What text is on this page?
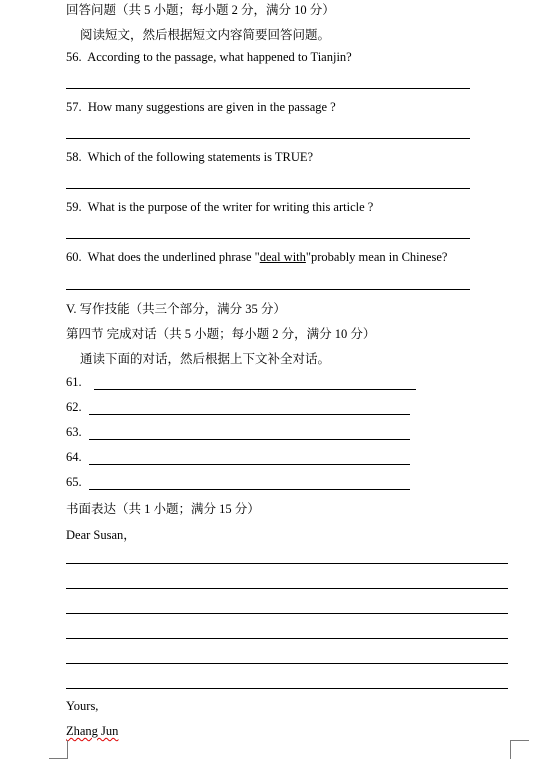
回答问题（共 5 小题；每小题 2 分，满分 10 分）
阅读短文，然后根据短文内容简要回答问题。
56. According to the passage, what happened to Tianjin?
57. How many suggestions are given in the passage ?
58. Which of the following statements is TRUE?
59. What is the purpose of the writer for writing this article ?
60. What does the underlined phrase "deal with"probably mean in Chinese?
V. 写作技能（共三个部分，满分 35 分）
第四节 完成对话（共 5 小题；每小题 2 分，满分 10 分）
通读下面的对话，然后根据上下文补全对话。
61.
62.
63.
64.
65.
书面表达（共 1 小题；满分 15 分）
Dear Susan，
Yours,
Zhang Jun
